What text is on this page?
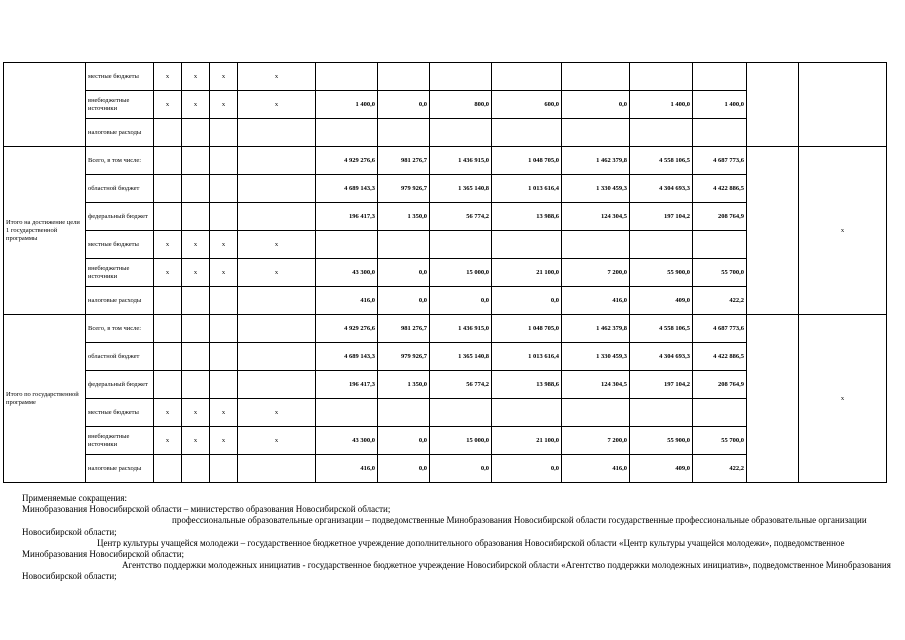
	местные бюджеты	x	x	x	x									
	внебюджетные источники	x	x	x	x	1 400,0	0,0	800,0	600,0	0,0	1 400,0	1 400,0		
	налоговые расходы													
Итого на достижение цели 1 государственной программы	Всего, в том числе:					4 929 276,6	981 276,7	1 436 915,0	1 048 705,0	1 462 379,8	4 558 106,5	4 687 773,6		x
	областной бюджет					4 689 143,3	979 926,7	1 365 140,8	1 013 616,4	1 330 459,3	4 304 693,3	4 422 886,5		
	федеральный бюджет					196 417,3	1 350,0	56 774,2	13 988,6	124 304,5	197 104,2	208 764,9		
	местные бюджеты	x	x	x	x									
	внебюджетные источники	x	x	x	x	43 300,0	0,0	15 000,0	21 100,0	7 200,0	55 900,0	55 700,0		
	налоговые расходы					416,0	0,0	0,0	0,0	416,0	409,0	422,2		
Итого по государственной программе	Всего, в том числе:					4 929 276,6	981 276,7	1 436 915,0	1 048 705,0	1 462 379,8	4 558 106,5	4 687 773,6		x
	областной бюджет					4 689 143,3	979 926,7	1 365 140,8	1 013 616,4	1 330 459,3	4 304 693,3	4 422 886,5		
	федеральный бюджет					196 417,3	1 350,0	56 774,2	13 988,6	124 304,5	197 104,2	208 764,9		
	местные бюджеты	x	x	x	x									
	внебюджетные источники	x	x	x	x	43 300,0	0,0	15 000,0	21 100,0	7 200,0	55 900,0	55 700,0		
	налоговые расходы					416,0	0,0	0,0	0,0	416,0	409,0	422,2		

Применяемые сокращения:

Минобразования Новосибирской области – министерство образования Новосибирской области;

профессиональные образовательные организации – подведомственные Минобразования Новосибирской области государственные профессиональные образовательные организации Новосибирской области;

Центр культуры учащейся молодежи – государственное бюджетное учреждение дополнительного образования Новосибирской области «Центр культуры учащейся молодежи», подведомственное Минобразования Новосибирской области;

Агентство поддержки молодежных инициатив - государственное бюджетное учреждение Новосибирской области «Агентство поддержки молодежных инициатив», подведомственное Минобразования Новосибирской области;
